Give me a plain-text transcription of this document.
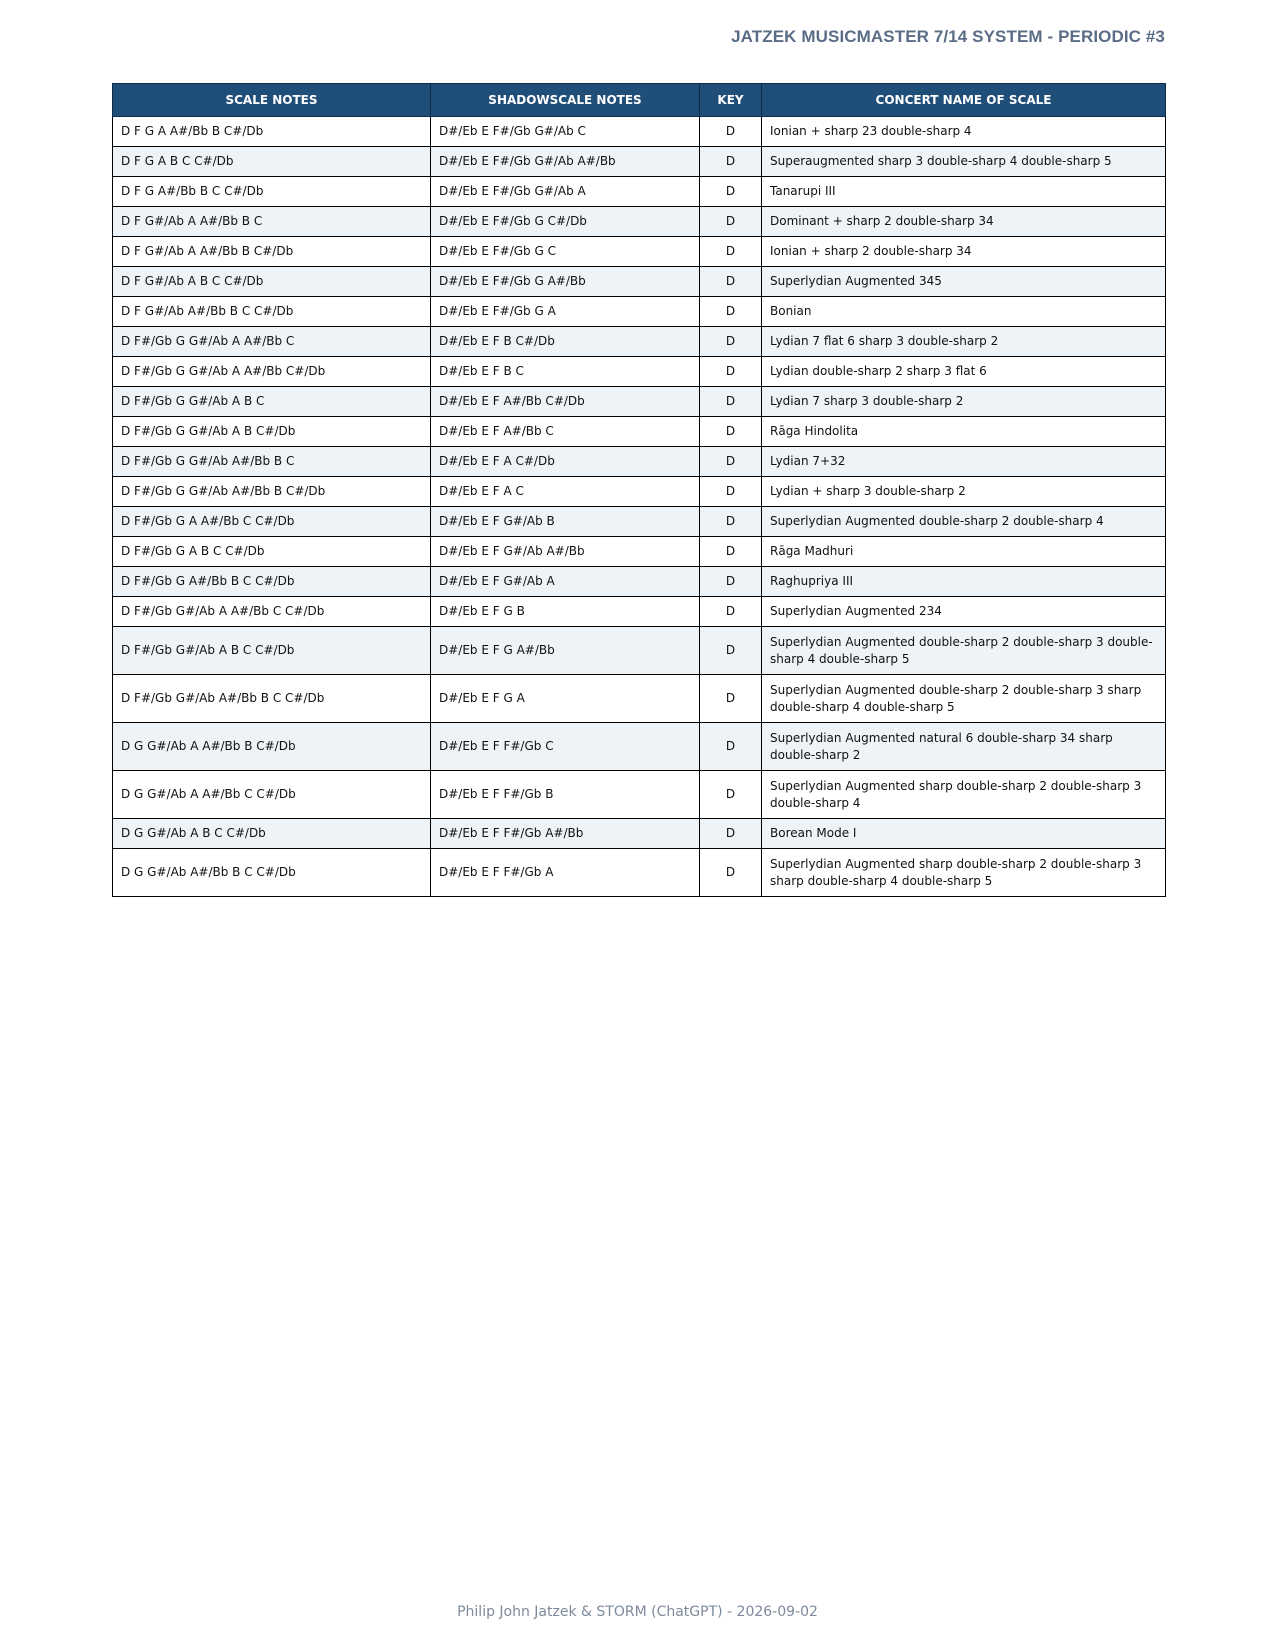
JATZEK MUSICMASTER 7/14 SYSTEM - PERIODIC #3
SCALE NOTES	SHADOWSCALE NOTES	KEY	CONCERT NAME OF SCALE
D F G A A#/Bb B C#/Db	D#/Eb E F#/Gb G#/Ab C	D	Ionian + sharp 23 double-sharp 4
D F G A B C C#/Db	D#/Eb E F#/Gb G#/Ab A#/Bb	D	Superaugmented sharp 3 double-sharp 4 double-sharp 5
D F G A#/Bb B C C#/Db	D#/Eb E F#/Gb G#/Ab A	D	Tanarupi III
D F G#/Ab A A#/Bb B C	D#/Eb E F#/Gb G C#/Db	D	Dominant + sharp 2 double-sharp 34
D F G#/Ab A A#/Bb B C#/Db	D#/Eb E F#/Gb G C	D	Ionian + sharp 2 double-sharp 34
D F G#/Ab A B C C#/Db	D#/Eb E F#/Gb G A#/Bb	D	Superlydian Augmented 345
D F G#/Ab A#/Bb B C C#/Db	D#/Eb E F#/Gb G A	D	Bonian
D F#/Gb G G#/Ab A A#/Bb C	D#/Eb E F B C#/Db	D	Lydian 7 flat 6 sharp 3 double-sharp 2
D F#/Gb G G#/Ab A A#/Bb C#/Db	D#/Eb E F B C	D	Lydian double-sharp 2 sharp 3 flat 6
D F#/Gb G G#/Ab A B C	D#/Eb E F A#/Bb C#/Db	D	Lydian 7 sharp 3 double-sharp 2
D F#/Gb G G#/Ab A B C#/Db	D#/Eb E F A#/Bb C	D	Rāga Hindolita
D F#/Gb G G#/Ab A#/Bb B C	D#/Eb E F A C#/Db	D	Lydian 7+32
D F#/Gb G G#/Ab A#/Bb B C#/Db	D#/Eb E F A C	D	Lydian + sharp 3 double-sharp 2
D F#/Gb G A A#/Bb C C#/Db	D#/Eb E F G#/Ab B	D	Superlydian Augmented double-sharp 2 double-sharp 4
D F#/Gb G A B C C#/Db	D#/Eb E F G#/Ab A#/Bb	D	Rāga Madhuri
D F#/Gb G A#/Bb B C C#/Db	D#/Eb E F G#/Ab A	D	Raghupriya III
D F#/Gb G#/Ab A A#/Bb C C#/Db	D#/Eb E F G B	D	Superlydian Augmented 234
D F#/Gb G#/Ab A B C C#/Db	D#/Eb E F G A#/Bb	D	Superlydian Augmented double-sharp 2 double-sharp 3 double-sharp 4 double-sharp 5
D F#/Gb G#/Ab A#/Bb B C C#/Db	D#/Eb E F G A	D	Superlydian Augmented double-sharp 2 double-sharp 3 sharp double-sharp 4 double-sharp 5
D G G#/Ab A A#/Bb B C#/Db	D#/Eb E F F#/Gb C	D	Superlydian Augmented natural 6 double-sharp 34 sharp double-sharp 2
D G G#/Ab A A#/Bb C C#/Db	D#/Eb E F F#/Gb B	D	Superlydian Augmented sharp double-sharp 2 double-sharp 3 double-sharp 4
D G G#/Ab A B C C#/Db	D#/Eb E F F#/Gb A#/Bb	D	Borean Mode I
D G G#/Ab A#/Bb B C C#/Db	D#/Eb E F F#/Gb A	D	Superlydian Augmented sharp double-sharp 2 double-sharp 3 sharp double-sharp 4 double-sharp 5
Philip John Jatzek & STORM (ChatGPT) - 2026-09-02
